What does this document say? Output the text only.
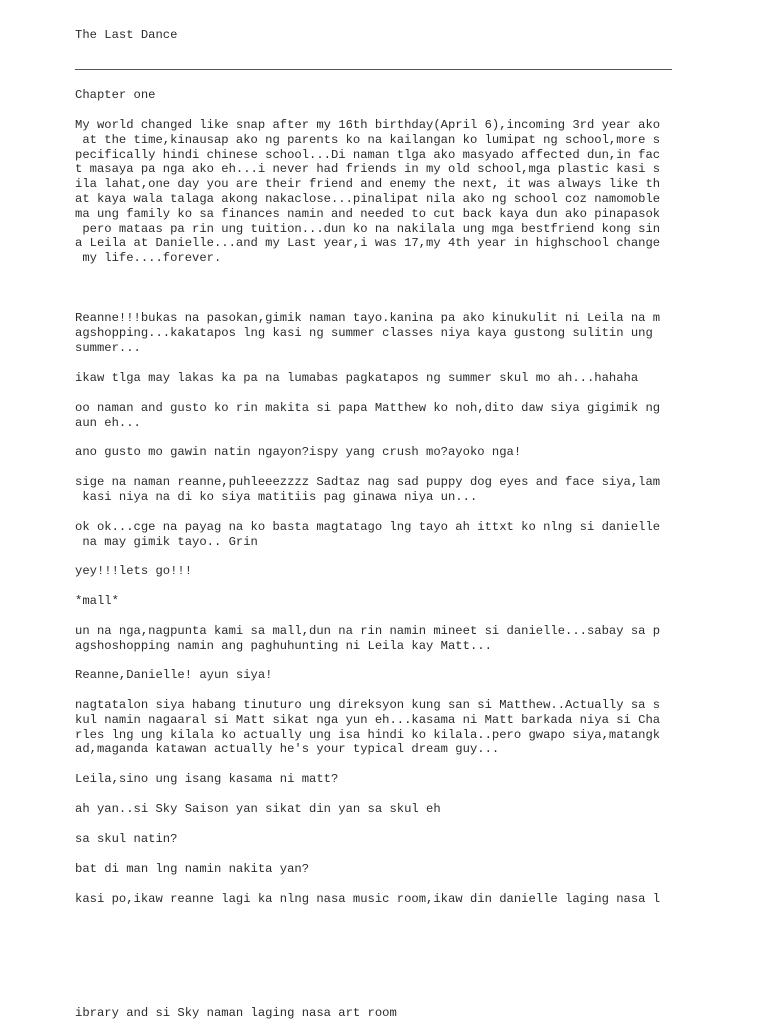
The Last Dance
Chapter one
My world changed like snap after my 16th birthday(April 6),incoming 3rd year ako
at the time,kinausap ako ng parents ko na kailangan ko lumipat ng school,more s
pecifically hindi chinese school...Di naman tlga ako masyado affected dun,in fac
t masaya pa nga ako eh...i never had friends in my old school,mga plastic kasi s
ila lahat,one day you are their friend and enemy the next, it was always like th
at kaya wala talaga akong nakaclose...pinalipat nila ako ng school coz namomoble
ma ung family ko sa finances namin and needed to cut back kaya dun ako pinapasok
pero mataas pa rin ung tuition...dun ko na nakilala ung mga bestfriend kong sin
a Leila at Danielle...and my Last year,i was 17,my 4th year in highschool change
my life....forever.
Reanne!!!bukas na pasokan,gimik naman tayo.kanina pa ako kinukulit ni Leila na m
agshopping...kakatapos lng kasi ng summer classes niya kaya gustong sulitin ung
summer...
ikaw tlga may lakas ka pa na lumabas pagkatapos ng summer skul mo ah...hahaha
oo naman and gusto ko rin makita si papa Matthew ko noh,dito daw siya gigimik ng
aun eh...
ano gusto mo gawin natin ngayon?ispy yang crush mo?ayoko nga!
sige na naman reanne,puhleeezzzz Sadtaz nag sad puppy dog eyes and face siya,lam
kasi niya na di ko siya matitiis pag ginawa niya un...
ok ok...cge na payag na ko basta magtatago lng tayo ah ittxt ko nlng si danielle
na may gimik tayo.. Grin
yey!!!lets go!!!
*mall*
un na nga,nagpunta kami sa mall,dun na rin namin mineet si danielle...sabay sa p
agshoshopping namin ang paghuhunting ni Leila kay Matt...
Reanne,Danielle! ayun siya!
nagtatalon siya habang tinuturo ung direksyon kung san si Matthew..Actually sa s
kul namin nagaaral si Matt sikat nga yun eh...kasama ni Matt barkada niya si Cha
rles lng ung kilala ko actually ung isa hindi ko kilala..pero gwapo siya,matangk
ad,maganda katawan actually he's your typical dream guy...
Leila,sino ung isang kasama ni matt?
ah yan..si Sky Saison yan sikat din yan sa skul eh
sa skul natin?
bat di man lng namin nakita yan?
kasi po,ikaw reanne lagi ka nlng nasa music room,ikaw din danielle laging nasa l
ibrary and si Sky naman laging nasa art room
